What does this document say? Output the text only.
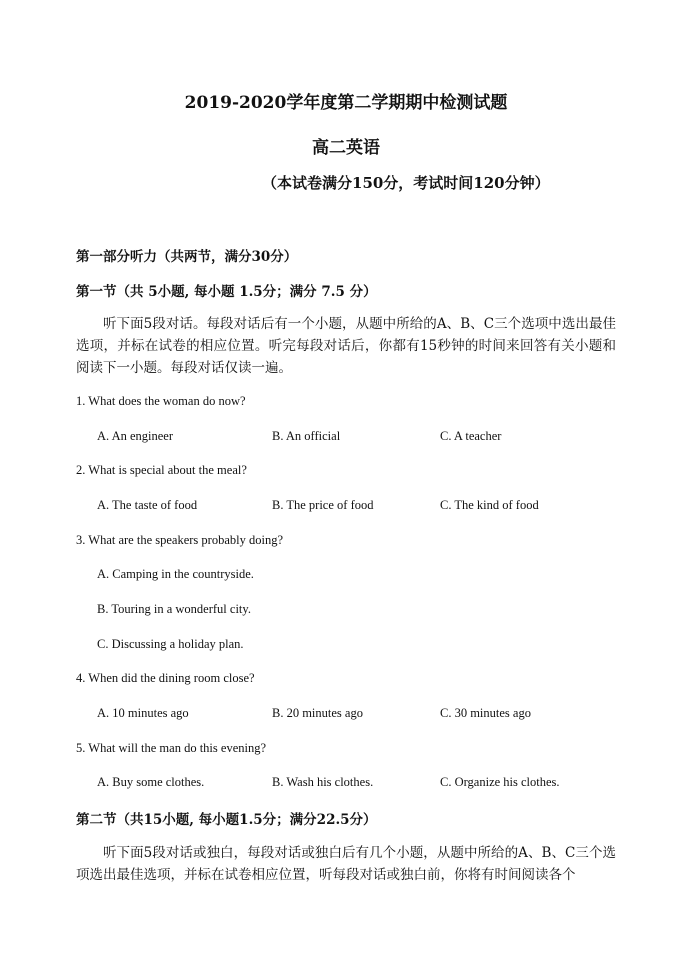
2019-2020学年度第二学期期中检测试题
高二英语
（本试卷满分150分，考试时间120分钟）
第一部分听力（共两节，满分30分）
第一节（共 5小题, 每小题 1.5分；满分 7.5 分）
听下面5段对话。每段对话后有一个小题，从题中所给的A、B、C三个选项中选出最佳选项，并标在试卷的相应位置。听完每段对话后，你都有15秒钟的时间来回答有关小题和阅读下一小题。每段对话仅读一遍。
1. What does the woman do now?
A. An engineer	B. An official	C. A teacher
2. What is special about the meal?
A. The taste of food	B. The price of food	C. The kind of food
3. What are the speakers probably doing?
A. Camping in the countryside.
B. Touring in a wonderful city.
C. Discussing a holiday plan.
4. When did the dining room close?
A. 10 minutes ago	B. 20 minutes ago	C. 30 minutes ago
5. What will the man do this evening?
A. Buy some clothes.	B. Wash his clothes.	C. Organize his clothes.
第二节（共15小题, 每小题1.5分；满分22.5分）
听下面5段对话或独白，每段对话或独白后有几个小题，从题中所给的A、B、C三个选项选出最佳选项，并标在试卷相应位置，听每段对话或独白前，你将有时间阅读各个
